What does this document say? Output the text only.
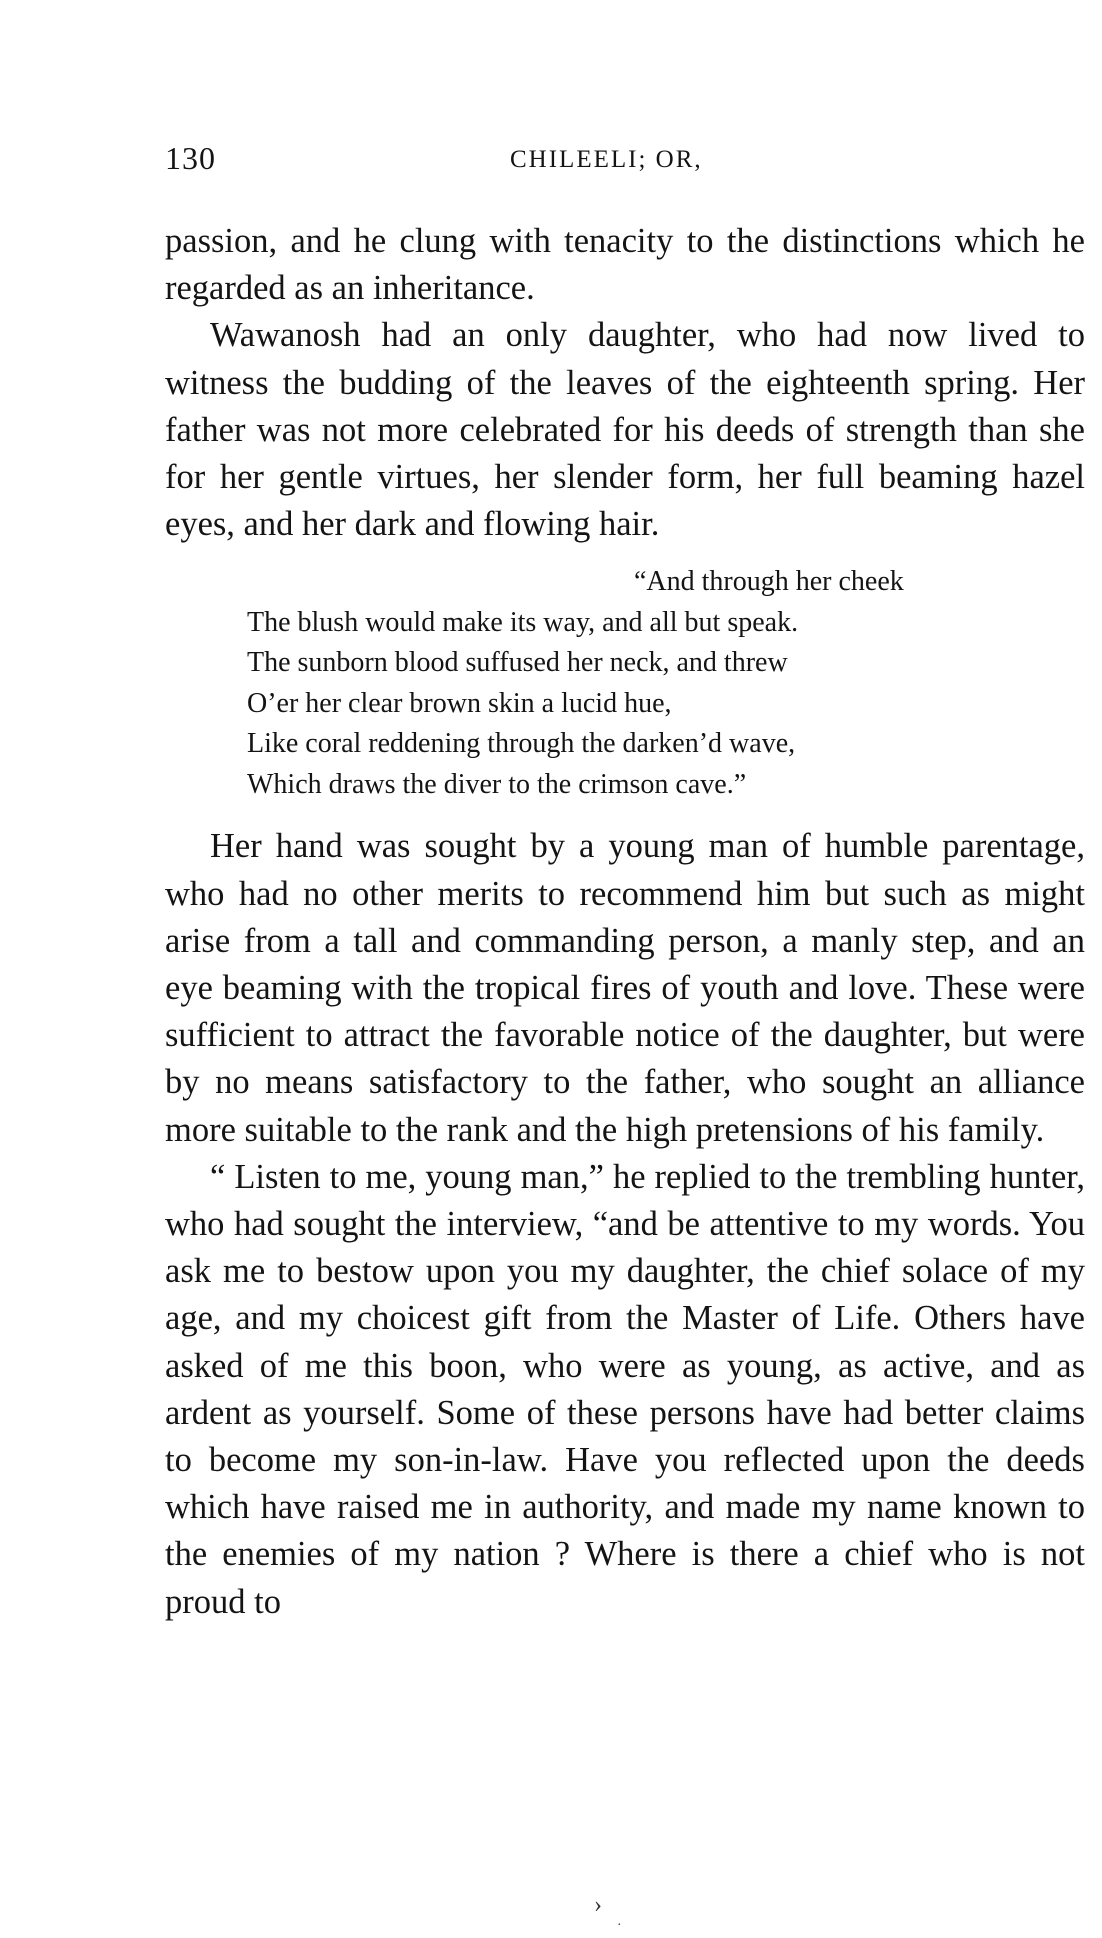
130	CHILEELI; OR,

passion, and he clung with tenacity to the distinctions which he regarded as an inheritance.

Wawanosh had an only daughter, who had now lived to witness the budding of the leaves of the eighteenth spring. Her father was not more celebrated for his deeds of strength than she for her gentle virtues, her slender form, her full beaming hazel eyes, and her dark and flowing hair.

“And through her cheek
The blush would make its way, and all but speak.
The sunborn blood suffused her neck, and threw
O’er her clear brown skin a lucid hue,
Like coral reddening through the darken’d wave,
Which draws the diver to the crimson cave.”

Her hand was sought by a young man of humble parentage, who had no other merits to recommend him but such as might arise from a tall and commanding person, a manly step, and an eye beaming with the tropical fires of youth and love. These were sufficient to attract the favorable notice of the daughter, but were by no means satisfactory to the father, who sought an alliance more suitable to the rank and the high pretensions of his family.

“ Listen to me, young man,” he replied to the trembling hunter, who had sought the interview, “and be attentive to my words. You ask me to bestow upon you my daughter, the chief solace of my age, and my choicest gift from the Master of Life. Others have asked of me this boon, who were as young, as active, and as ardent as yourself. Some of these persons have had better claims to become my son-in-law. Have you reflected upon the deeds which have raised me in authority, and made my name known to the enemies of my nation ? Where is there a chief who is not proud to

›
·
